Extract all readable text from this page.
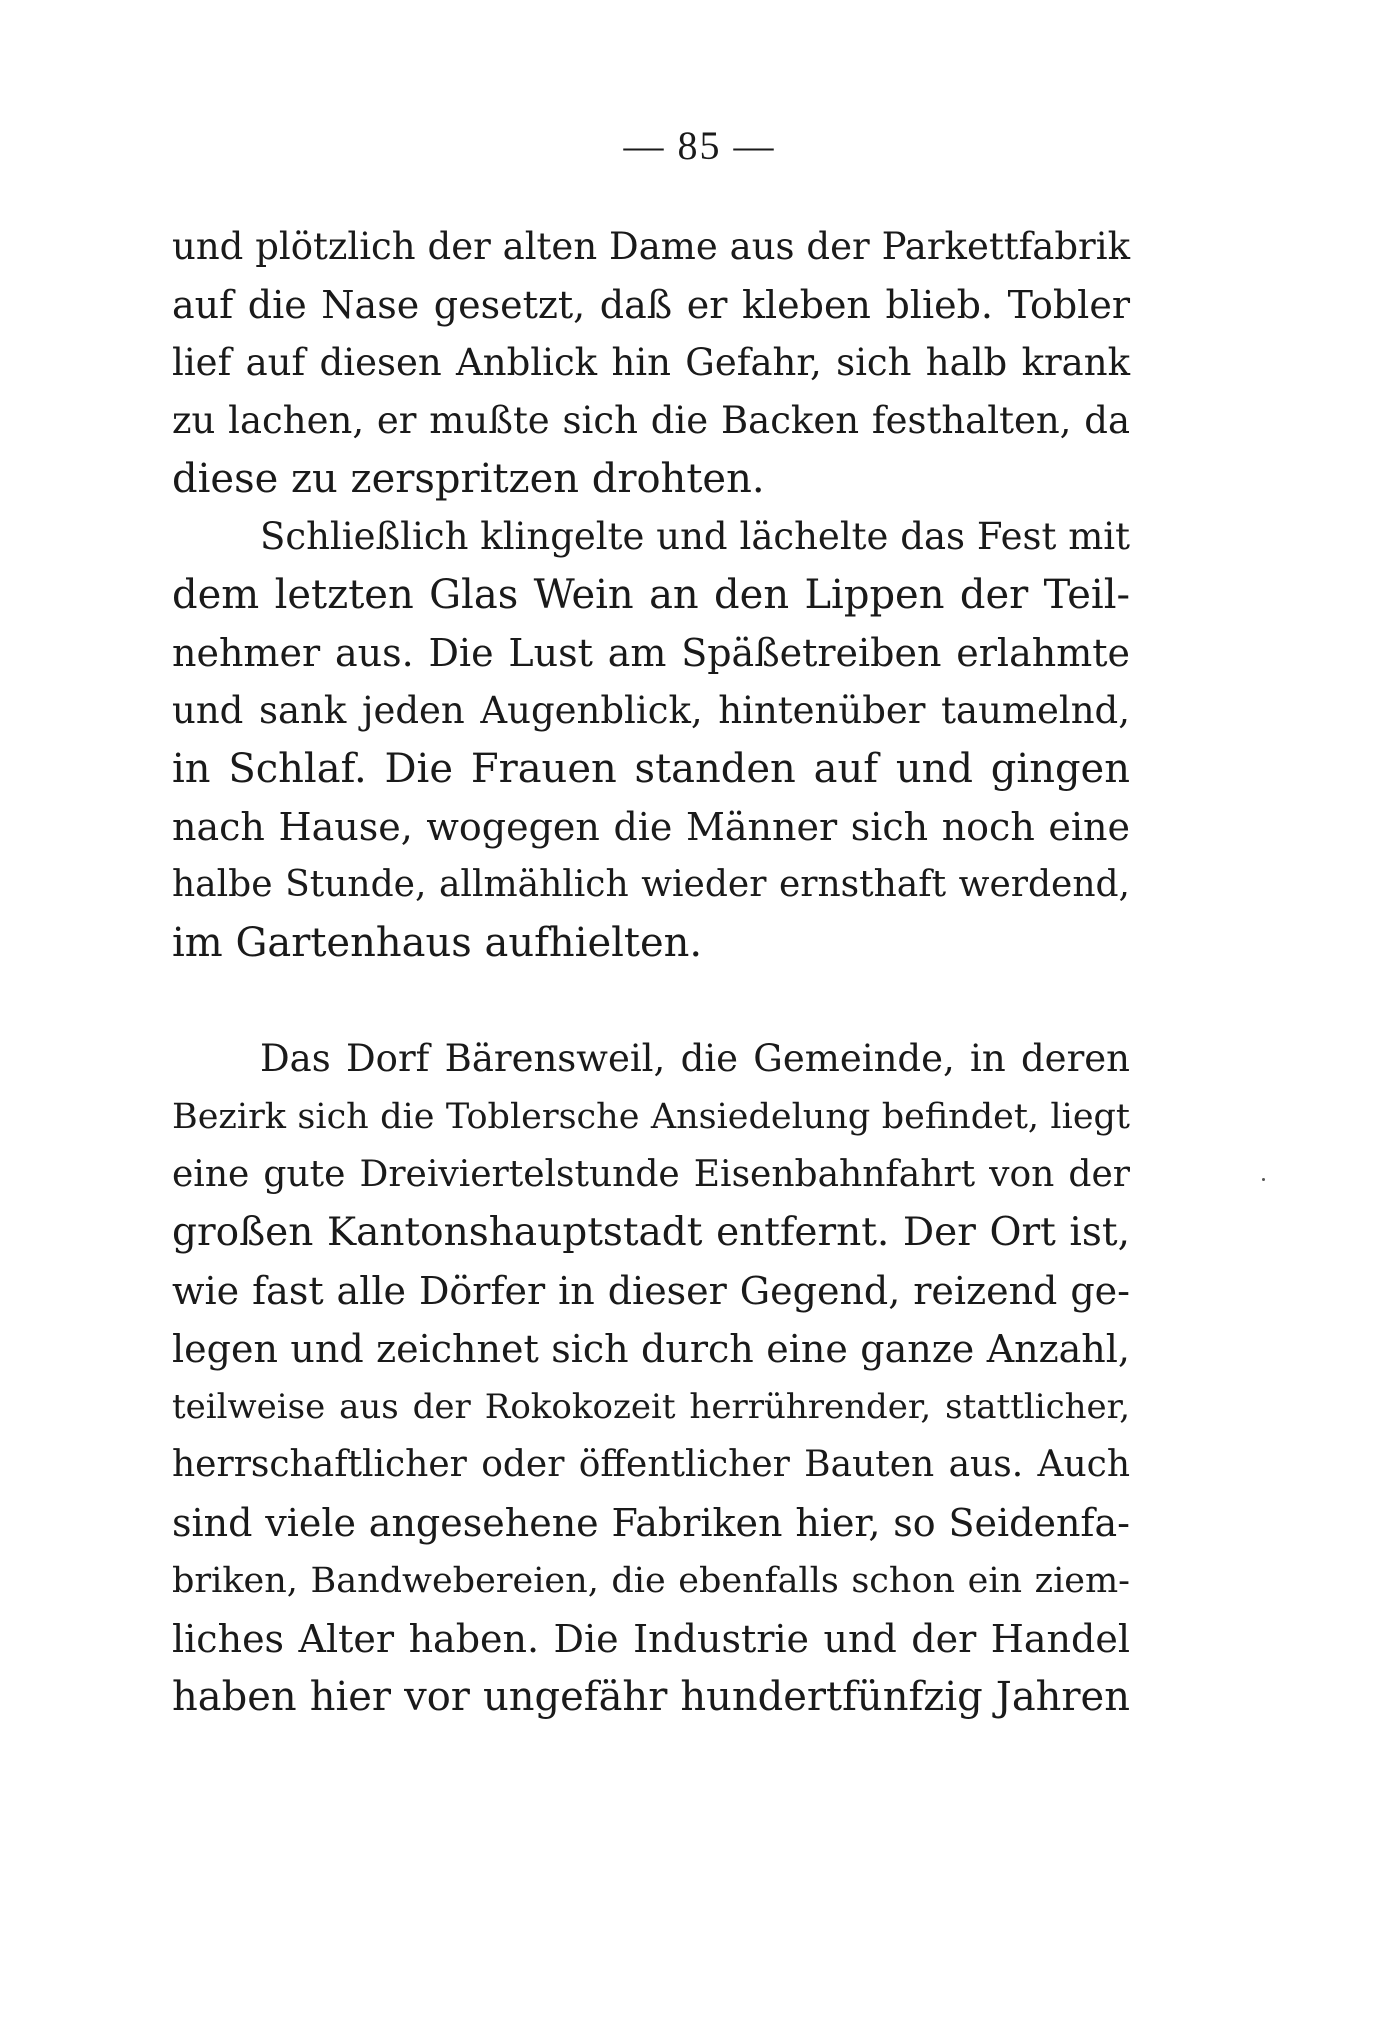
— 85 —
und plötzlich der alten Dame aus der Parkettfabrik
auf die Nase gesetzt, daß er kleben blieb. Tobler
lief auf diesen Anblick hin Gefahr, sich halb krank
zu lachen, er mußte sich die Backen festhalten, da
diese zu zerspritzen drohten.
Schließlich klingelte und lächelte das Fest mit
dem letzten Glas Wein an den Lippen der Teil-
nehmer aus. Die Lust am Späßetreiben erlahmte
und sank jeden Augenblick, hintenüber taumelnd,
in Schlaf. Die Frauen standen auf und gingen
nach Hause, wogegen die Männer sich noch eine
halbe Stunde, allmählich wieder ernsthaft werdend,
im Gartenhaus aufhielten.
Das Dorf Bärensweil, die Gemeinde, in deren
Bezirk sich die Toblersche Ansiedelung befindet, liegt
eine gute Dreiviertelstunde Eisenbahnfahrt von der
großen Kantonshauptstadt entfernt. Der Ort ist,
wie fast alle Dörfer in dieser Gegend, reizend ge-
legen und zeichnet sich durch eine ganze Anzahl,
teilweise aus der Rokokozeit herrührender, stattlicher,
herrschaftlicher oder öffentlicher Bauten aus. Auch
sind viele angesehene Fabriken hier, so Seidenfa-
briken, Bandwebereien, die ebenfalls schon ein ziem-
liches Alter haben. Die Industrie und der Handel
haben hier vor ungefähr hundertfünfzig Jahren
